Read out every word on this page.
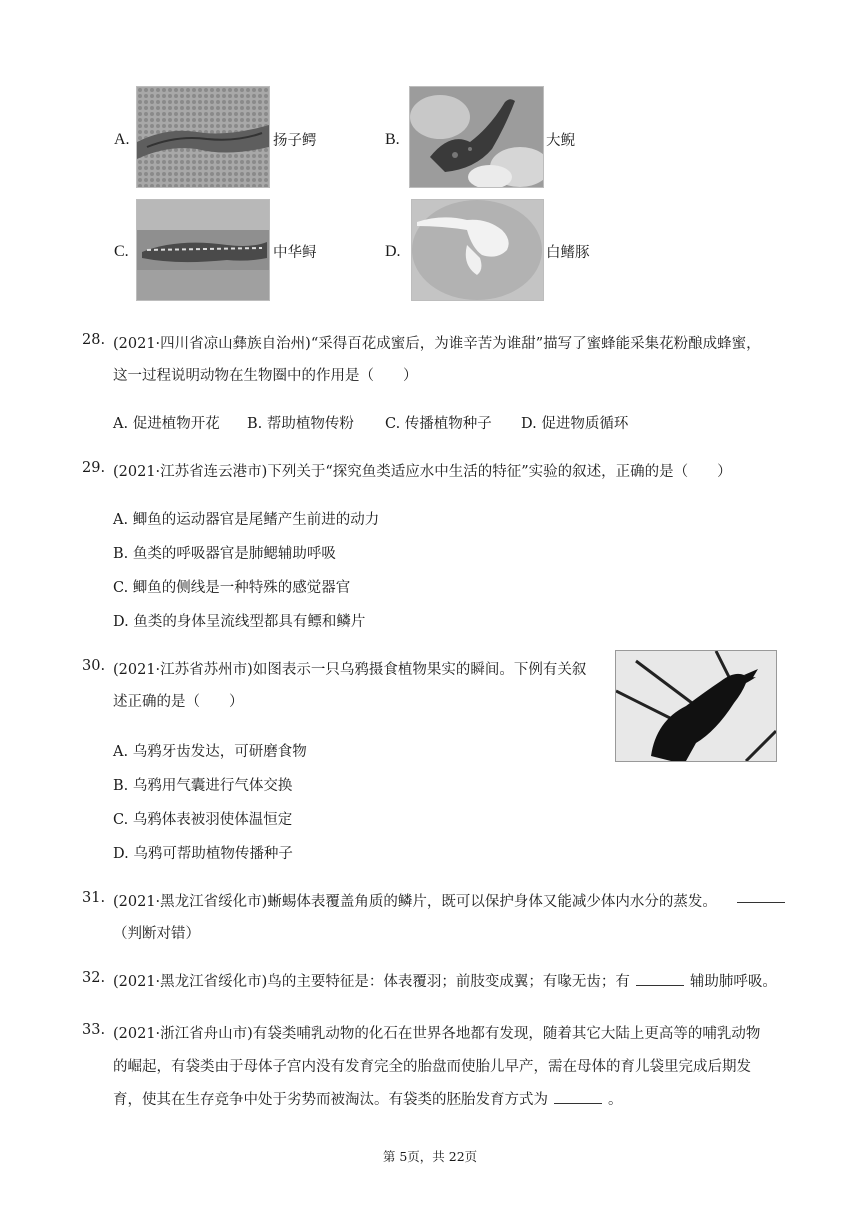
A.	扬子鳄	B.	大鲵
C.	中华鲟	D.	白鳍豚
28. (2021·四川省凉山彝族自治州)“采得百花成蜜后，为谁辛苦为谁甜”描写了蜜蜂能采集花粉酿成蜂蜜，
这一过程说明动物在生物圈中的作用是（　　）
A. 促进植物开花 B. 帮助植物传粉 C. 传播植物种子 D. 促进物质循环
29. (2021·江苏省连云港市)下列关于“探究鱼类适应水中生活的特征”实验的叙述，正确的是（　　）
A. 鲫鱼的运动器官是尾鳍产生前进的动力
B. 鱼类的呼吸器官是肺鳃辅助呼吸
C. 鲫鱼的侧线是一种特殊的感觉器官
D. 鱼类的身体呈流线型都具有鳔和鳞片
30. (2021·江苏省苏州市)如图表示一只乌鸦摄食植物果实的瞬间。下例有关叙
述正确的是（　　）
A. 乌鸦牙齿发达，可研磨食物
B. 乌鸦用气囊进行气体交换
C. 乌鸦体表被羽使体温恒定
D. 乌鸦可帮助植物传播种子
31. (2021·黑龙江省绥化市)蜥蜴体表覆盖角质的鳞片，既可以保护身体又能减少体内水分的蒸发。
（判断对错）
32. (2021·黑龙江省绥化市)鸟的主要特征是：体表覆羽；前肢变成翼；有喙无齿；有	辅助肺呼吸。
33. (2021·浙江省舟山市)有袋类哺乳动物的化石在世界各地都有发现，随着其它大陆上更高等的哺乳动物
的崛起，有袋类由于母体子宫内没有发育完全的胎盘而使胎儿早产，需在母体的育儿袋里完成后期发
育，使其在生存竞争中处于劣势而被淘汰。有袋类的胚胎发育方式为	。
第 5页，共 22页
